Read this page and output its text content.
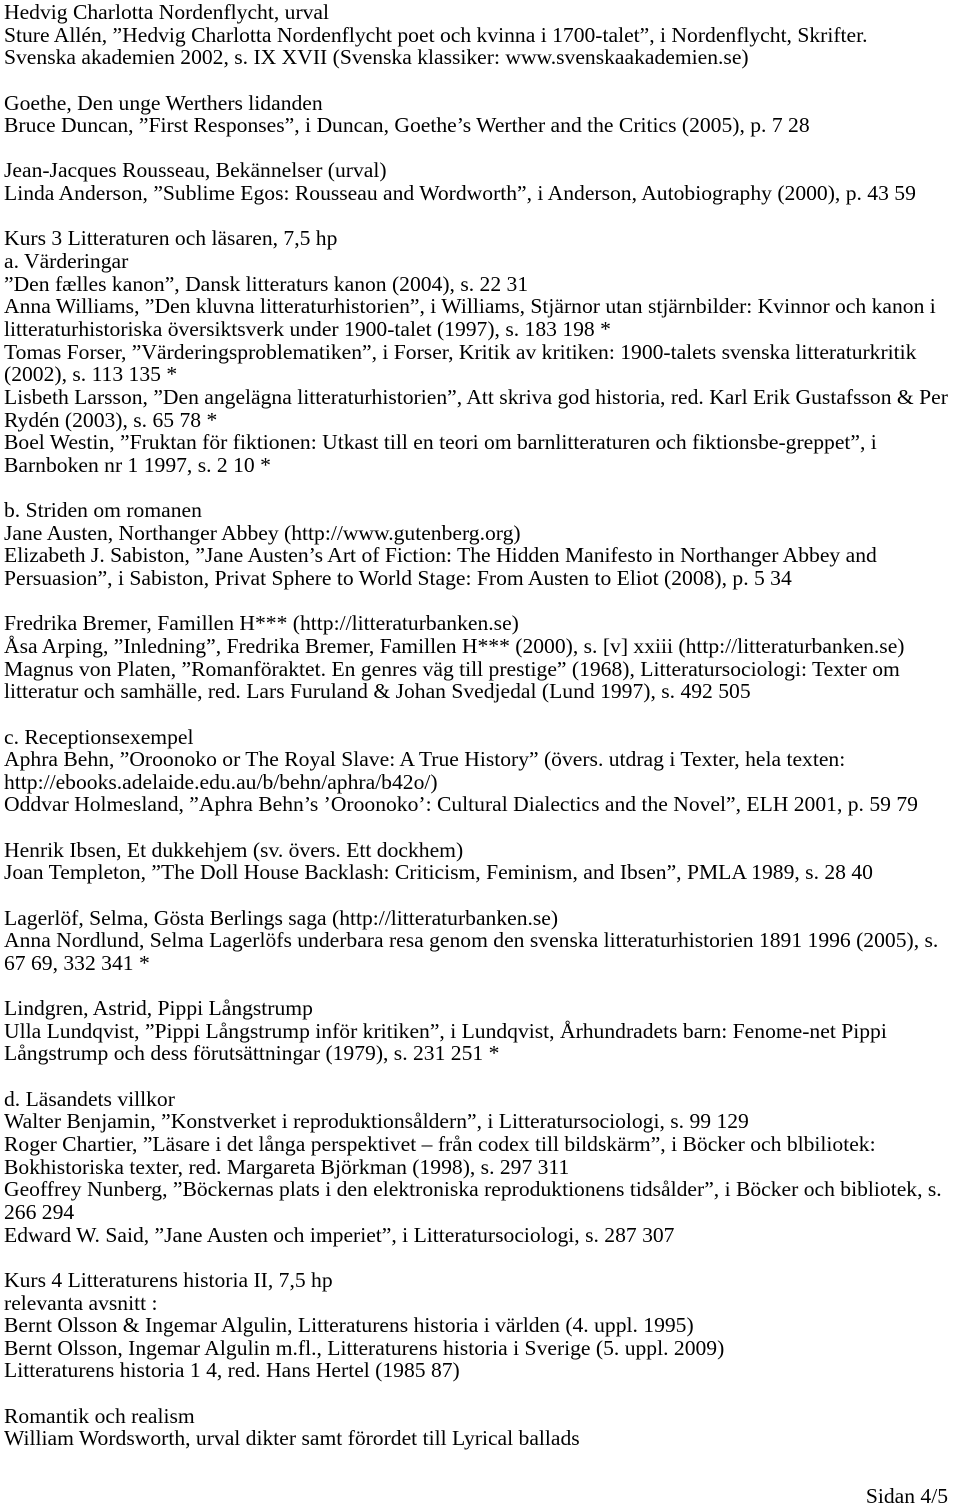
Hedvig Charlotta Nordenflycht, urval
Sture Allén, ”Hedvig Charlotta Nordenflycht poet och kvinna i 1700-talet”, i Nordenflycht, Skrifter.
Svenska akademien 2002, s. IX XVII (Svenska klassiker: www.svenskaakademien.se)
Goethe, Den unge Werthers lidanden
Bruce Duncan, ”First Responses”, i Duncan, Goethe’s Werther and the Critics (2005), p. 7 28
Jean-Jacques Rousseau, Bekännelser (urval)
Linda Anderson, ”Sublime Egos: Rousseau and Wordworth”, i Anderson, Autobiography (2000), p. 43 59
Kurs 3 Litteraturen och läsaren, 7,5 hp
a. Värderingar
”Den fælles kanon”, Dansk litteraturs kanon (2004), s. 22 31
Anna Williams, ”Den kluvna litteraturhistorien”, i Williams, Stjärnor utan stjärnbilder: Kvinnor och kanon i
litteraturhistoriska översiktsverk under 1900-talet (1997), s. 183 198 *
Tomas Forser, ”Värderingsproblematiken”, i Forser, Kritik av kritiken: 1900-talets svenska litteraturkritik
(2002), s. 113 135 *
Lisbeth Larsson, ”Den angelägna litteraturhistorien”, Att skriva god historia, red. Karl Erik Gustafsson & Per
Rydén (2003), s. 65 78 *
Boel Westin, ”Fruktan för fiktionen: Utkast till en teori om barnlitteraturen och fiktionsbe-greppet”, i
Barnboken nr 1 1997, s. 2 10 *
b. Striden om romanen
Jane Austen, Northanger Abbey (http://www.gutenberg.org)
Elizabeth J. Sabiston, ”Jane Austen’s Art of Fiction: The Hidden Manifesto in Northanger Abbey and
Persuasion”, i Sabiston, Privat Sphere to World Stage: From Austen to Eliot (2008), p. 5 34
Fredrika Bremer, Famillen H*** (http://litteraturbanken.se)
Åsa Arping, ”Inledning”, Fredrika Bremer, Famillen H*** (2000), s. [v] xxiii (http://litteraturbanken.se)
Magnus von Platen, ”Romanföraktet. En genres väg till prestige” (1968), Litteratursociologi: Texter om
litteratur och samhälle, red. Lars Furuland & Johan Svedjedal (Lund 1997), s. 492 505
c. Receptionsexempel
Aphra Behn, ”Oroonoko or The Royal Slave: A True History” (övers. utdrag i Texter, hela texten:
http://ebooks.adelaide.edu.au/b/behn/aphra/b42o/)
Oddvar Holmesland, ”Aphra Behn’s ’Oroonoko’: Cultural Dialectics and the Novel”, ELH 2001, p. 59 79
Henrik Ibsen, Et dukkehjem (sv. övers. Ett dockhem)
Joan Templeton, ”The Doll House Backlash: Criticism, Feminism, and Ibsen”, PMLA 1989, s. 28 40
Lagerlöf, Selma, Gösta Berlings saga (http://litteraturbanken.se)
Anna Nordlund, Selma Lagerlöfs underbara resa genom den svenska litteraturhistorien 1891 1996 (2005), s.
67 69, 332 341 *
Lindgren, Astrid, Pippi Långstrump
Ulla Lundqvist, ”Pippi Långstrump inför kritiken”, i Lundqvist, Århundradets barn: Fenome-net Pippi
Långstrump och dess förutsättningar (1979), s. 231 251 *
d. Läsandets villkor
Walter Benjamin, ”Konstverket i reproduktionsåldern”, i Litteratursociologi, s. 99 129
Roger Chartier, ”Läsare i det långa perspektivet – från codex till bildskärm”, i Böcker och blbiliotek:
Bokhistoriska texter, red. Margareta Björkman (1998), s. 297 311
Geoffrey Nunberg, ”Böckernas plats i den elektroniska reproduktionens tidsålder”, i Böcker och bibliotek, s.
266 294
Edward W. Said, ”Jane Austen och imperiet”, i Litteratursociologi, s. 287 307
Kurs 4 Litteraturens historia II, 7,5 hp
relevanta avsnitt :
Bernt Olsson & Ingemar Algulin, Litteraturens historia i världen (4. uppl. 1995)
Bernt Olsson, Ingemar Algulin m.fl., Litteraturens historia i Sverige (5. uppl. 2009)
Litteraturens historia 1 4, red. Hans Hertel (1985 87)
Romantik och realism
William Wordsworth, urval dikter samt förordet till Lyrical ballads
Sidan 4/5
